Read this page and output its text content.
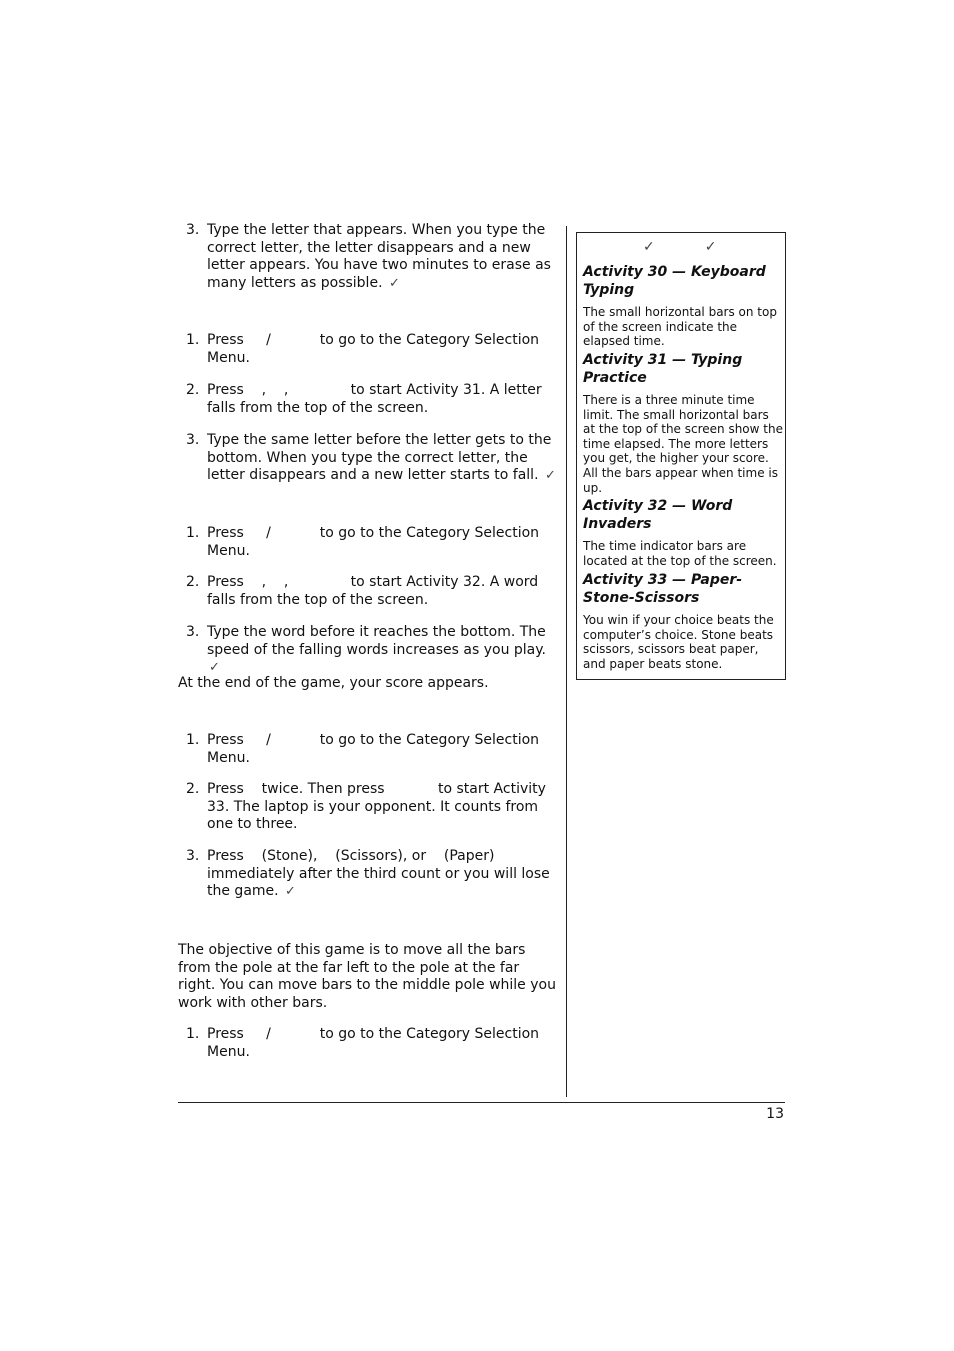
3. Type the letter that appears. When you type the correct letter, the letter disappears and a new letter appears. You have two minutes to erase as many letters as possible. ✓
1. Press     /           to go to the Category Selection Menu.
2. Press    ,    ,              to start Activity 31. A letter falls from the top of the screen.
3. Type the same letter before the letter gets to the bottom. When you type the correct letter, the letter disappears and a new letter starts to fall. ✓
1. Press     /           to go to the Category Selection Menu.
2. Press    ,    ,              to start Activity 32. A word falls from the top of the screen.
3. Type the word before it reaches the bottom. The speed of the falling words increases as you play. ✓
At the end of the game, your score appears.
1. Press     /           to go to the Category Selection Menu.
2. Press    twice. Then press            to start Activity 33. The laptop is your opponent. It counts from one to three.
3. Press    (Stone),    (Scissors), or    (Paper) immediately after the third count or you will lose the game. ✓
The objective of this game is to move all the bars from the pole at the far left to the pole at the far right. You can move bars to the middle pole while you work with other bars.
1. Press     /           to go to the Category Selection Menu.
✓	✓
Activity 30 — Keyboard Typing
The small horizontal bars on top of the screen indicate the elapsed time.
Activity 31 — Typing Practice
There is a three minute time limit. The small horizontal bars at the top of the screen show the time elapsed. The more letters you get, the higher your score. All the bars appear when time is up.
Activity 32 — Word Invaders
The time indicator bars are located at the top of the screen.
Activity 33 — Paper-Stone-Scissors
You win if your choice beats the computer’s choice. Stone beats scissors, scissors beat paper, and paper beats stone.
13
